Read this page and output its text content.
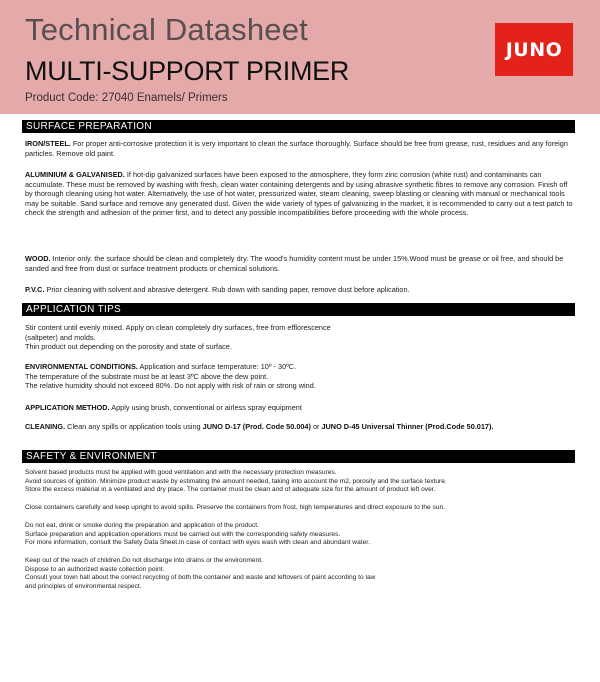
Technical Datasheet
MULTI-SUPPORT PRIMER
Product Code: 27040 Enamels/ Primers
JUNO
SURFACE PREPARATION
IRON/STEEL. For proper anti-corrosive protection it is very important to clean the surface thoroughly. Surface should be free from grease, rust, residues and any foreign particles. Remove old paint.
ALUMINIUM & GALVANISED. If hot-dip galvanized surfaces have been exposed to the atmosphere, they form zinc corrosion (white rust) and contaminants can accumulate. These must be removed by washing with fresh, clean water containing detergents and by using abrasive synthetic fibres to remove any corrosion. Finish off by thorough cleaning using hot water. Alternatively, the use of hot water, pressurized water, steam cleaning, sweep blasting or cleaning with manual or mechanical tools may be suitable. Sand surface and remove any generated dust. Given the wide variety of types of galvanizing in the market, it is recommended to carry out a test patch to check the strength and adhesion of the primer first, and to detect any possible incompatibilities before proceeding with the whole process.
WOOD. Interior only. the surface should be clean and completely dry. The wood's humidity content must be under 15%.Wood must be grease or oil free, and should be sanded and free from dust or surface treatment products or chemical solutions.
P.V.C. Prior cleaning with solvent and abrasive detergent. Rub down with sanding paper, remove dust before aplication.
APPLICATION TIPS
Stir content until evenly mixed. Apply on clean completely dry surfaces, free from efflorescence
(saltpeter) and molds.
Thin product out depending on the porosity and state of surface.
ENVIRONMENTAL CONDITIONS. Application and surface temperature: 10º - 30ºC.
The temperature of the substrate must be at least 3ºC above the dew point.
The relative humidity should not exceed 80%. Do not apply with risk of rain or strong wind.
APPLICATION METHOD. Apply using brush, conventional or airless spray equipment
CLEANING. Clean any spills or application tools using JUNO D-17 (Prod. Code 50.004) or JUNO D-45 Universal Thinner (Prod.Code 50.017).
SAFETY & ENVIRONMENT
Solvent based products must be applied with good ventilation and with the necessary protection measures.
Avoid sources of ignition. Minimize product waste by estimating the amount needed, taking into account the m2, porosity and the surface texture.
Store the excess material in a ventilated and dry place. The container must be clean and of adequate size for the amount of product left over.
Close containers carefully and keep upright to avoid spills. Preserve the containers from frost, high temperatures and direct exposure to the sun.
Do not eat, drink or smoke during the preparation and application of the product.
Surface preparation and application operations must be carried out with the corresponding safety measures.
For more information, consult the Safety Data Sheet.In case of contact with eyes wash with clean and abundant water.
Keep out of the reach of children.Do not discharge into drains or the environment.
Dispose to an authorized waste collection point.
Consult your town hall about the correct recycling of both the container and waste and leftovers of paint according to law
and principles of environmental respect.
